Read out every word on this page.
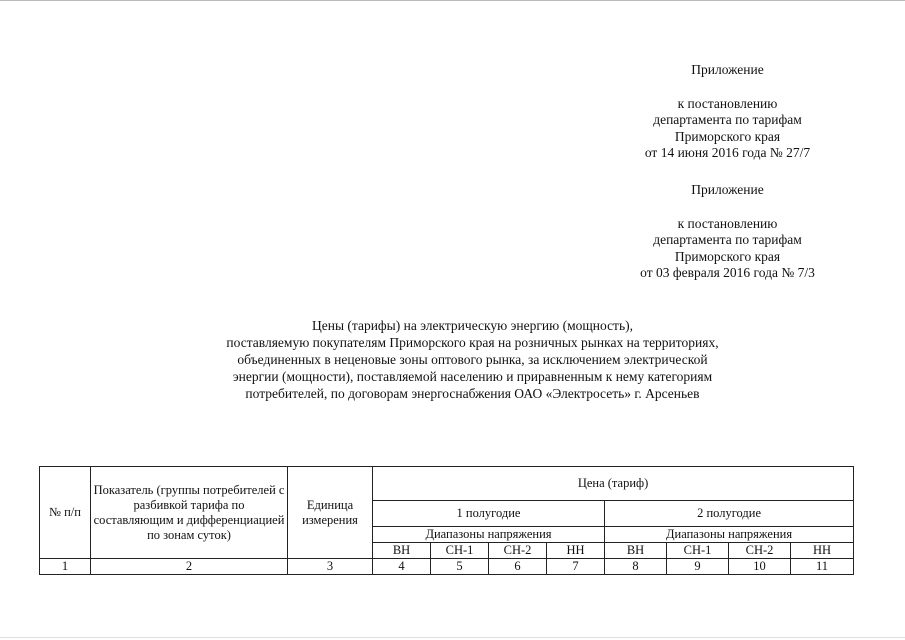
Приложение
к постановлению
департамента по тарифам
Приморского края
от 14 июня 2016 года № 27/7
Приложение
к постановлению
департамента по тарифам
Приморского края
от 03 февраля 2016 года № 7/3
Цены (тарифы) на электрическую энергию (мощность),
поставляемую покупателям Приморского края на розничных рынках на территориях,
объединенных в неценовые зоны оптового рынка, за исключением электрической
энергии (мощности), поставляемой населению и приравненным к нему категориям
потребителей, по договорам энергоснабжения ОАО «Электросеть» г. Арсеньев
№ п/п	Показатель (группы потребителей с разбивкой тарифа по составляющим и дифференциацией по зонам суток)	Единица измерения	Цена (тариф)							
			1 полугодие				2 полугодие			
			Диапазоны напряжения				Диапазоны напряжения			
			ВН	СН-1	СН-2	НН	ВН	СН-1	СН-2	НН
1	2	3	4	5	6	7	8	9	10	11
